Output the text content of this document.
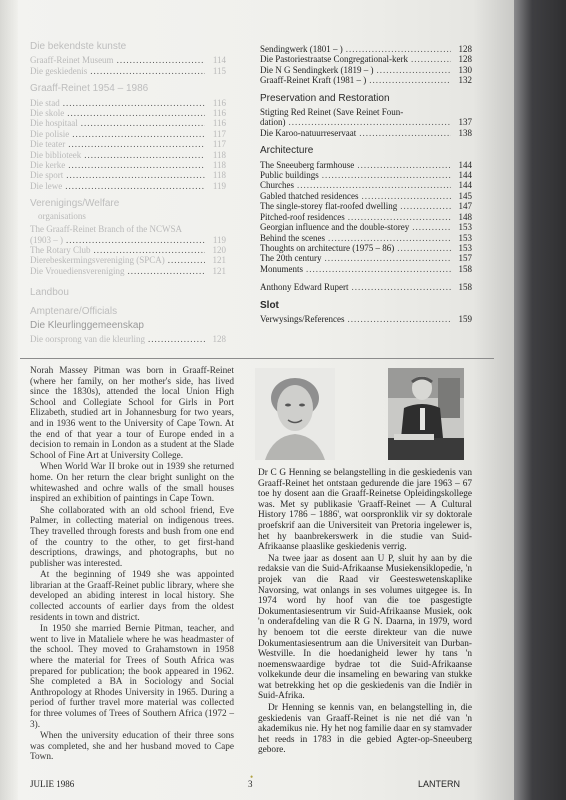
Die bekendste kunste
Graaff-Reinet Museum .....	114
Die geskiedenis .....	115
Graaff-Reinet 1954 – 1986
Die stad .....	116
Die skole .....	116
Die hospitaal .....	116
Die polisie .....	117
Die teater .....	117
Die biblioteek .....	118
Die kerke .....	118
Die sport .....	118
Die lewe .....	119
Verenigings/Welfare
organisations
The Graaff-Reinet Branch of the NCWSA
(1903 – ) .....	119
The Rotary Club .....	120
Dierebeskermingsvereniging (SPCA) .....	121
Die Vrouediensvereniging .....	121
Landbou
Amptenare/Officials
Die Kleurlinggemeenskap
Die oorsprong van die kleurling .....	128
Sendingwerk (1801 – ) .....	128
Die Pastoriestraatse Congregational-kerk .....	128
Die N G Sendingkerk (1819 – ) .....	130
Graaff-Reinet Kraft (1981 – ) .....	132
Preservation and Restoration
Stigting Red Reinet (Save Reinet Foun-
dation) .....	137
Die Karoo-natuurreservaat .....	138
Architecture
The Sneeuberg farmhouse .....	144
Public buildings .....	144
Churches .....	144
Gabled thatched residences .....	145
The single-storey flat-roofed dwelling .....	147
Pitched-roof residences .....	148
Georgian influence and the double-storey .....	153
Behind the scenes .....	153
Thoughts on architecture (1975 – 86) .....	153
The 20th century .....	157
Monuments .....	158
Anthony Edward Rupert .....	158
Slot
Verwysings/References .....	159

Norah Massey Pitman was born in Graaff-Reinet (where her family, on her mother's side, has lived since the 1830s), attended the local Union High School and Collegiate School for Girls in Port Elizabeth, studied art in Johannesburg for two years, and in 1936 went to the University of Cape Town. At the end of that year a tour of Europe ended in a decision to remain in London as a student at the Slade School of Fine Art at University College.

When World War II broke out in 1939 she returned home. On her return the clear bright sunlight on the whitewashed and ochre walls of the small houses inspired an exhibition of paintings in Cape Town.

She collaborated with an old school friend, Eve Palmer, in collecting material on indigenous trees. They travelled through forests and bush from one end of the country to the other, to get first-hand descriptions, drawings, and photographs, but no publisher was interested.

At the beginning of 1949 she was appointed librarian at the Graaff-Reinet public library, where she developed an abiding interest in local history. She collected accounts of earlier days from the oldest residents in town and district.

In 1950 she married Bernie Pitman, teacher, and went to live in Mataliele where he was headmaster of the school. They moved to Grahamstown in 1958 where the material for Trees of South Africa was prepared for publication; the book appeared in 1962. She completed a BA in Sociology and Social Anthropology at Rhodes University in 1965. During a period of further travel more material was collected for three volumes of Trees of Southern Africa (1972 – 3).

When the university education of their three sons was completed, she and her husband moved to Cape Town.

Dr C G Henning se belangstelling in die geskiedenis van Graaff-Reinet het ontstaan gedurende die jare 1963 – 67 toe hy dosent aan die Graaff-Reinetse Opleidingskollege was. Met sy publikasie 'Graaff-Reinet — A Cultural History 1786 – 1886', wat oorspronklik vir sy doktorale proefskrif aan die Universiteit van Pretoria ingelewer is, het hy baanbrekerswerk in die studie van Suid-Afrikaanse plaaslike geskiedenis verrig.

Na twee jaar as dosent aan U P, sluit hy aan by die redaksie van die Suid-Afrikaanse Musiekensiklopedie, 'n projek van die Raad vir Geesteswetenskaplike Navorsing, wat onlangs in ses volumes uitgegee is. In 1974 word hy hoof van die toe pasgestigte Dokumentasiesentrum vir Suid-Afrikaanse Musiek, ook 'n onderafdeling van die R G N. Daarna, in 1979, word hy benoem tot die eerste direkteur van die nuwe Dokumentasiesentrum aan die Universiteit van Durban-Westville. In die hoedanigheid lewer hy tans 'n noemenswaardige bydrae tot die Suid-Afrikaanse volkekunde deur die insameling en bewaring van stukke wat betrekking het op die geskiedenis van die Indiër in Suid-Afrika.

Dr Henning se kennis van, en belangstelling in, die geskiedenis van Graaff-Reinet is nie net dié van 'n akademikus nie. Hy het nog familie daar en sy stamvader het reeds in 1783 in die gebied Agter-op-Sneeuberg gebore.

•
JULIE 1986	3	LANTERN
